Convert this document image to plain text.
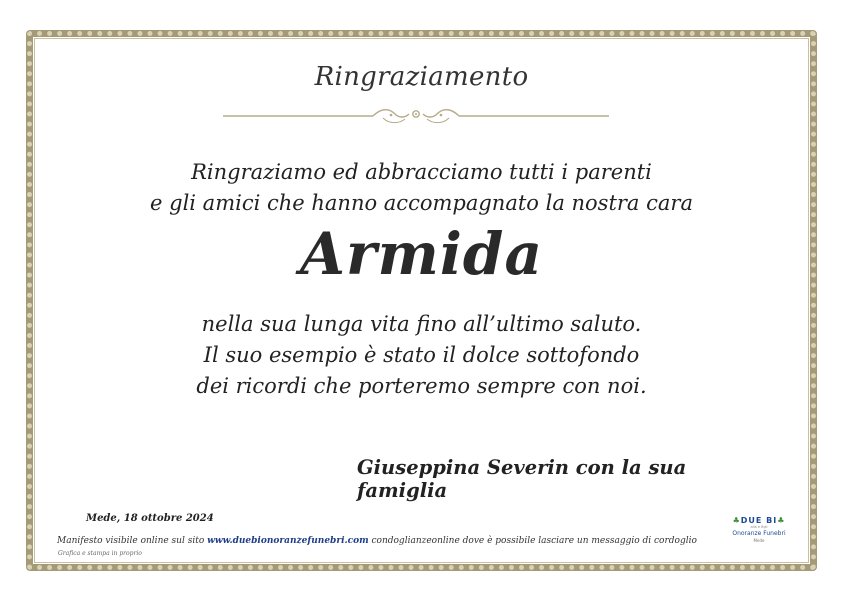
Ringraziamento
Ringraziamo ed abbracciamo tutti i parenti
e gli amici che hanno accompagnato la nostra cara
Armida
nella sua lunga vita fino all’ultimo saluto.
Il suo esempio è stato il dolce sottofondo
dei ricordi che porteremo sempre con noi.
Giuseppina Severin con la sua famiglia
Mede, 18 ottobre 2024
Manifesto visibile online sul sito www.duebionoranzefunebri.com condoglianzeonline dove è possibile lasciare un messaggio di cordoglio
Grafica e stampa in proprio
♣DUE BI♣
alla e figli
Onoranze Funebri
Mede
